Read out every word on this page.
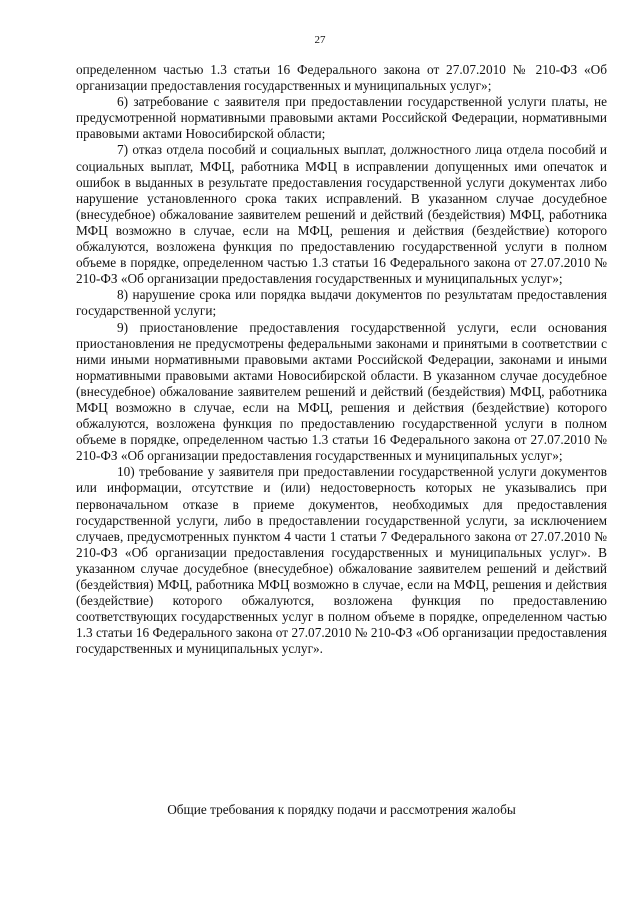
27

определенном частью 1.3 статьи 16 Федерального закона от 27.07.2010 № 210-ФЗ «Об организации предоставления государственных и муниципальных услуг»;

6) затребование с заявителя при предоставлении государственной услуги платы, не предусмотренной нормативными правовыми актами Российской Федерации, нормативными правовыми актами Новосибирской области;

7) отказ отдела пособий и социальных выплат, должностного лица отдела пособий и социальных выплат, МФЦ, работника МФЦ в исправлении допущенных ими опечаток и ошибок в выданных в результате предоставления государственной услуги документах либо нарушение установленного срока таких исправлений. В указанном случае досудебное (внесудебное) обжалование заявителем решений и действий (бездействия) МФЦ, работника МФЦ возможно в случае, если на МФЦ, решения и действия (бездействие) которого обжалуются, возложена функция по предоставлению государственной услуги в полном объеме в порядке, определенном частью 1.3 статьи 16 Федерального закона от 27.07.2010 № 210-ФЗ «Об организации предоставления государственных и муниципальных услуг»;

8) нарушение срока или порядка выдачи документов по результатам предоставления государственной услуги;

9) приостановление предоставления государственной услуги, если основания приостановления не предусмотрены федеральными законами и принятыми в соответствии с ними иными нормативными правовыми актами Российской Федерации, законами и иными нормативными правовыми актами Новосибирской области. В указанном случае досудебное (внесудебное) обжалование заявителем решений и действий (бездействия) МФЦ, работника МФЦ возможно в случае, если на МФЦ, решения и действия (бездействие) которого обжалуются, возложена функция по предоставлению государственной услуги в полном объеме в порядке, определенном частью 1.3 статьи 16 Федерального закона от 27.07.2010 № 210-ФЗ «Об организации предоставления государственных и муниципальных услуг»;

10) требование у заявителя при предоставлении государственной услуги документов или информации, отсутствие и (или) недостоверность которых не указывались при первоначальном отказе в приеме документов, необходимых для предоставления государственной услуги, либо в предоставлении государственной услуги, за исключением случаев, предусмотренных пунктом 4 части 1 статьи 7 Федерального закона от 27.07.2010 № 210-ФЗ «Об организации предоставления государственных и муниципальных услуг». В указанном случае досудебное (внесудебное) обжалование заявителем решений и действий (бездействия) МФЦ, работника МФЦ возможно в случае, если на МФЦ, решения и действия (бездействие) которого обжалуются, возложена функция по предоставлению соответствующих государственных услуг в полном объеме в порядке, определенном частью 1.3 статьи 16 Федерального закона от 27.07.2010 № 210-ФЗ «Об организации предоставления государственных и муниципальных услуг».

Общие требования к порядку подачи и рассмотрения жалобы
